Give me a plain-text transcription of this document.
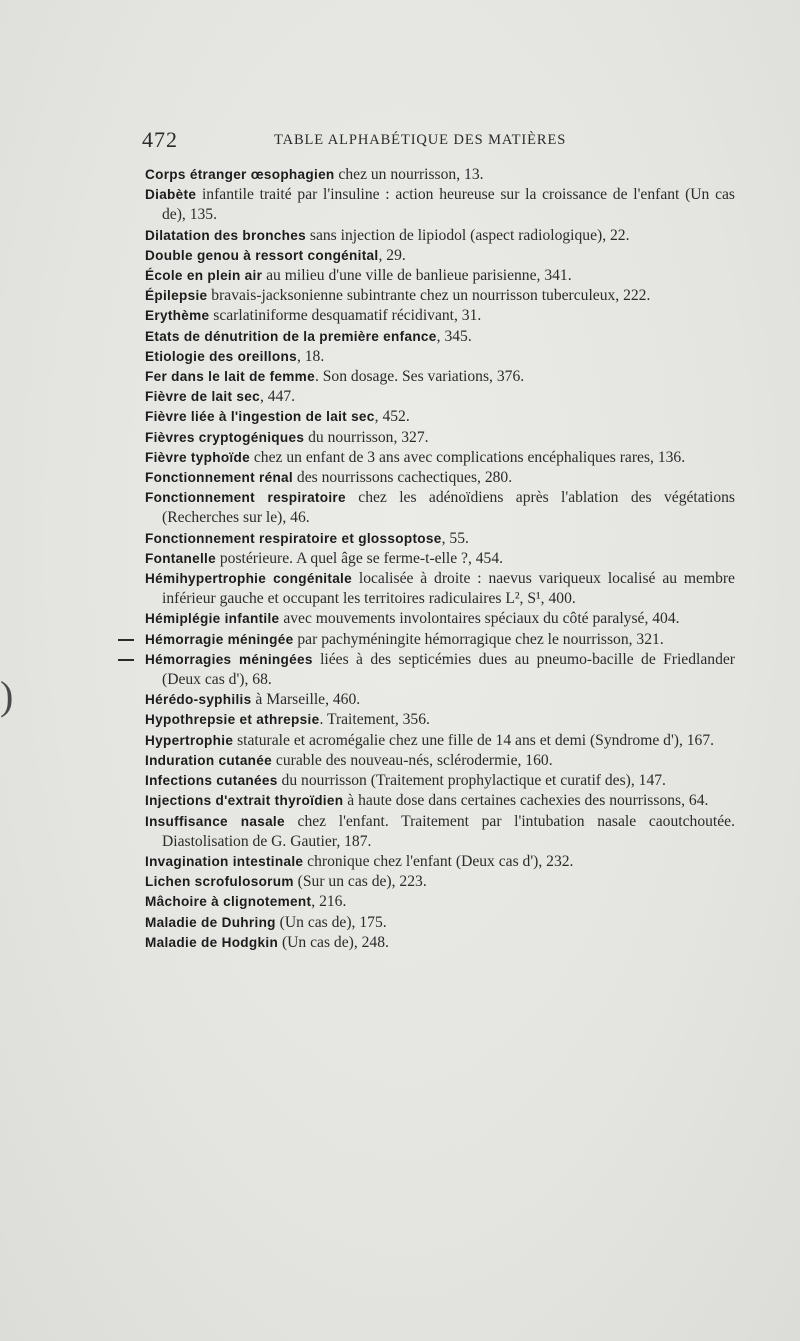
472	TABLE ALPHABÉTIQUE DES MATIÈRES
)
Corps étranger œsophagien chez un nourrisson, 13.
Diabète infantile traité par l'insuline : action heureuse sur la croissance de l'enfant (Un cas de), 135.
Dilatation des bronches sans injection de lipiodol (aspect radiologique), 22.
Double genou à ressort congénital, 29.
École en plein air au milieu d'une ville de banlieue parisienne, 341.
Épilepsie bravais-jacksonienne subintrante chez un nourrisson tuberculeux, 222.
Erythème scarlatiniforme desquamatif récidivant, 31.
Etats de dénutrition de la première enfance, 345.
Etiologie des oreillons, 18.
Fer dans le lait de femme. Son dosage. Ses variations, 376.
Fièvre de lait sec, 447.
Fièvre liée à l'ingestion de lait sec, 452.
Fièvres cryptogéniques du nourrisson, 327.
Fièvre typhoïde chez un enfant de 3 ans avec complications encéphaliques rares, 136.
Fonctionnement rénal des nourrissons cachectiques, 280.
Fonctionnement respiratoire chez les adénoïdiens après l'ablation des végétations (Recherches sur le), 46.
Fonctionnement respiratoire et glossoptose, 55.
Fontanelle postérieure. A quel âge se ferme-t-elle ?, 454.
Hémihypertrophie congénitale localisée à droite : naevus variqueux localisé au membre inférieur gauche et occupant les territoires radiculaires L², S¹, 400.
Hémiplégie infantile avec mouvements involontaires spéciaux du côté paralysé, 404.
Hémorragie méningée par pachyméningite hémorragique chez le nourrisson, 321.
Hémorragies méningées liées à des septicémies dues au pneumo-bacille de Friedlander (Deux cas d'), 68.
Hérédo-syphilis à Marseille, 460.
Hypothrepsie et athrepsie. Traitement, 356.
Hypertrophie staturale et acromégalie chez une fille de 14 ans et demi (Syndrome d'), 167.
Induration cutanée curable des nouveau-nés, sclérodermie, 160.
Infections cutanées du nourrisson (Traitement prophylactique et curatif des), 147.
Injections d'extrait thyroïdien à haute dose dans certaines cachexies des nourrissons, 64.
Insuffisance nasale chez l'enfant. Traitement par l'intubation nasale caoutchoutée. Diastolisation de G. Gautier, 187.
Invagination intestinale chronique chez l'enfant (Deux cas d'), 232.
Lichen scrofulosorum (Sur un cas de), 223.
Mâchoire à clignotement, 216.
Maladie de Duhring (Un cas de), 175.
Maladie de Hodgkin (Un cas de), 248.
